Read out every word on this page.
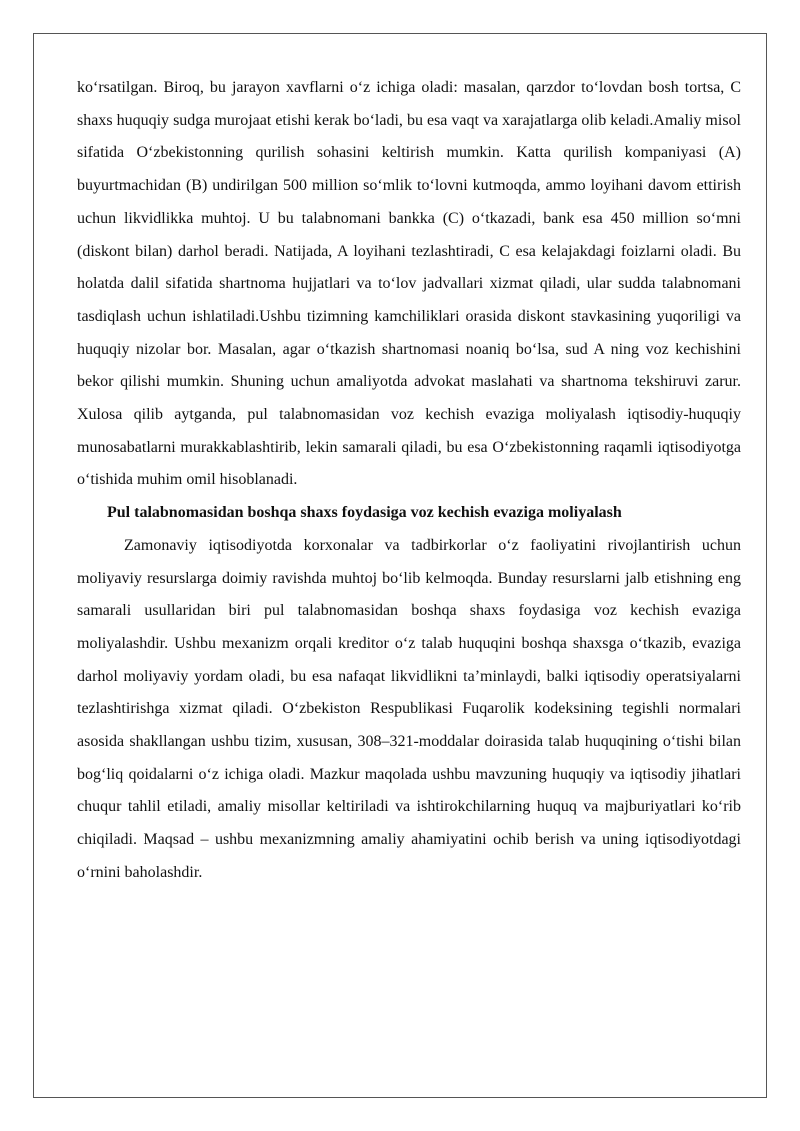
ko‘rsatilgan. Biroq, bu jarayon xavflarni o‘z ichiga oladi: masalan, qarzdor to‘lovdan bosh tortsa, C shaxs huquqiy sudga murojaat etishi kerak bo‘ladi, bu esa vaqt va xarajatlarga olib keladi.Amaliy misol sifatida O‘zbekistonning qurilish sohasini keltirish mumkin. Katta qurilish kompaniyasi (A) buyurtmachidan (B) undirilgan 500 million so‘mlik to‘lovni kutmoqda, ammo loyihani davom ettirish uchun likvidlikka muhtoj. U bu talabnomani bankka (C) o‘tkazadi, bank esa 450 million so‘mni (diskont bilan) darhol beradi. Natijada, A loyihani tezlashtiradi, C esa kelajakdagi foizlarni oladi. Bu holatda dalil sifatida shartnoma hujjatlari va to‘lov jadvallari xizmat qiladi, ular sudda talabnomani tasdiqlash uchun ishlatiladi.Ushbu tizimning kamchiliklari orasida diskont stavkasining yuqoriligi va huquqiy nizolar bor. Masalan, agar o‘tkazish shartnomasi noaniq bo‘lsa, sud A ning voz kechishini bekor qilishi mumkin. Shuning uchun amaliyotda advokat maslahati va shartnoma tekshiruvi zarur. Xulosa qilib aytganda, pul talabnomasidan voz kechish evaziga moliyalash iqtisodiy-huquqiy munosabatlarni murakkablashtirib, lekin samarali qiladi, bu esa O‘zbekistonning raqamli iqtisodiyotga o‘tishida muhim omil hisoblanadi.

Pul talabnomasidan boshqa shaxs foydasiga voz kechish evaziga moliyalash

Zamonaviy iqtisodiyotda korxonalar va tadbirkorlar o‘z faoliyatini rivojlantirish uchun moliyaviy resurslarga doimiy ravishda muhtoj bo‘lib kelmoqda. Bunday resurslarni jalb etishning eng samarali usullaridan biri pul talabnomasidan boshqa shaxs foydasiga voz kechish evaziga moliyalashdir. Ushbu mexanizm orqali kreditor o‘z talab huquqini boshqa shaxsga o‘tkazib, evaziga darhol moliyaviy yordam oladi, bu esa nafaqat likvidlikni ta’minlaydi, balki iqtisodiy operatsiyalarni tezlashtirishga xizmat qiladi. O‘zbekiston Respublikasi Fuqarolik kodeksining tegishli normalari asosida shakllangan ushbu tizim, xususan, 308–321-moddalar doirasida talab huquqining o‘tishi bilan bog‘liq qoidalarni o‘z ichiga oladi. Mazkur maqolada ushbu mavzuning huquqiy va iqtisodiy jihatlari chuqur tahlil etiladi, amaliy misollar keltiriladi va ishtirokchilarning huquq va majburiyatlari ko‘rib chiqiladi. Maqsad – ushbu mexanizmning amaliy ahamiyatini ochib berish va uning iqtisodiyotdagi o‘rnini baholashdir.
